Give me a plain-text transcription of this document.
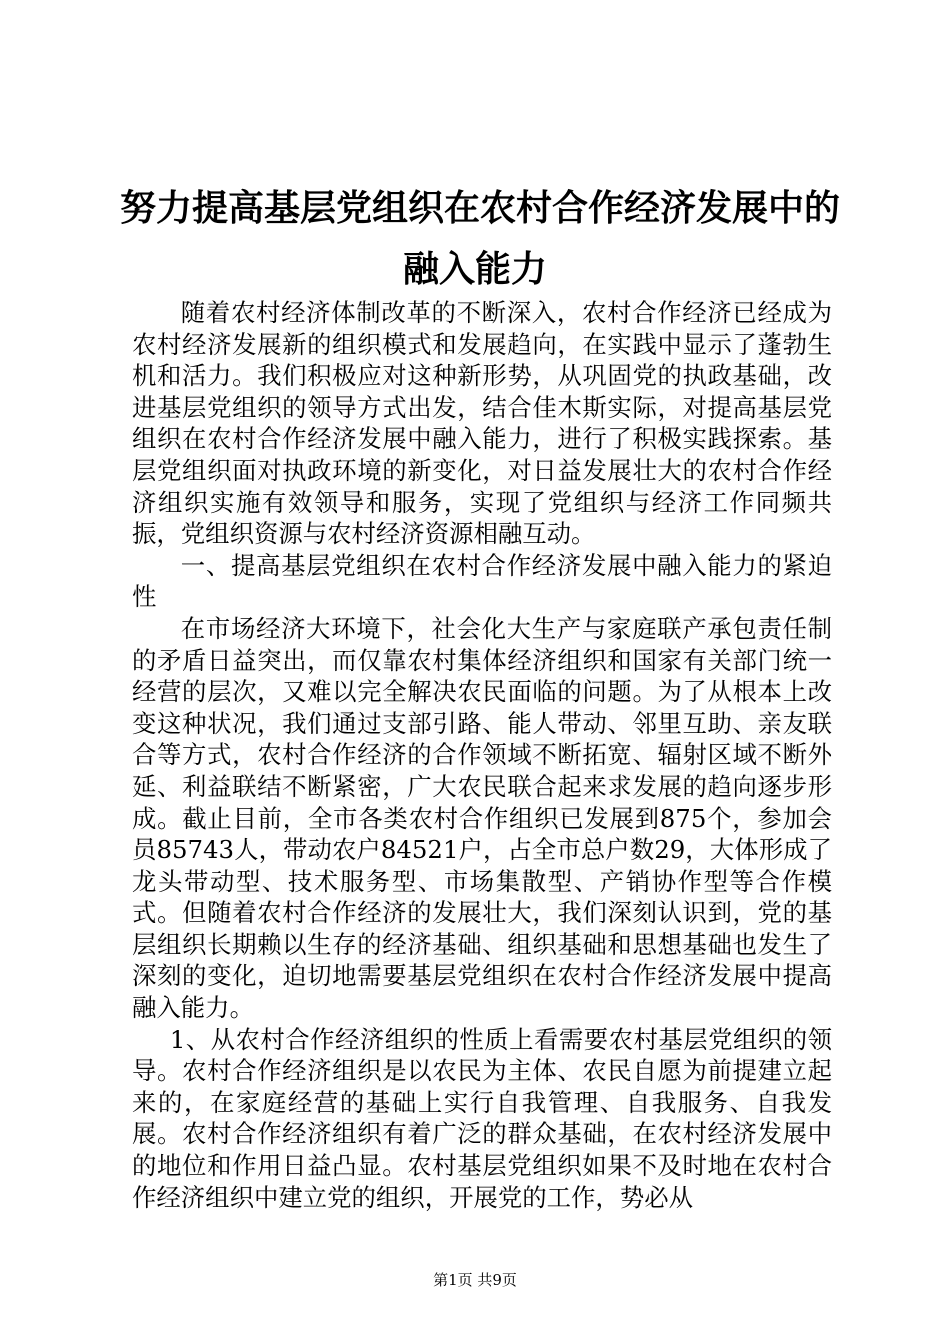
努力提高基层党组织在农村合作经济发展中的
融入能力

随着农村经济体制改革的不断深入，农村合作经济已经成为农村经济发展新的组织模式和发展趋向，在实践中显示了蓬勃生机和活力。我们积极应对这种新形势，从巩固党的执政基础，改进基层党组织的领导方式出发，结合佳木斯实际，对提高基层党组织在农村合作经济发展中融入能力，进行了积极实践探索。基层党组织面对执政环境的新变化，对日益发展壮大的农村合作经济组织实施有效领导和服务，实现了党组织与经济工作同频共振，党组织资源与农村经济资源相融互动。

一、提高基层党组织在农村合作经济发展中融入能力的紧迫性

在市场经济大环境下，社会化大生产与家庭联产承包责任制的矛盾日益突出，而仅靠农村集体经济组织和国家有关部门统一经营的层次，又难以完全解决农民面临的问题。为了从根本上改变这种状况，我们通过支部引路、能人带动、邻里互助、亲友联合等方式，农村合作经济的合作领域不断拓宽、辐射区域不断外延、利益联结不断紧密，广大农民联合起来求发展的趋向逐步形成。截止目前，全市各类农村合作组织已发展到875个，参加会员85743人，带动农户84521户，占全市总户数29，大体形成了龙头带动型、技术服务型、市场集散型、产销协作型等合作模式。但随着农村合作经济的发展壮大，我们深刻认识到，党的基层组织长期赖以生存的经济基础、组织基础和思想基础也发生了深刻的变化，迫切地需要基层党组织在农村合作经济发展中提高融入能力。

1、从农村合作经济组织的性质上看需要农村基层党组织的领导。农村合作经济组织是以农民为主体、农民自愿为前提建立起来的，在家庭经营的基础上实行自我管理、自我服务、自我发展。农村合作经济组织有着广泛的群众基础，在农村经济发展中的地位和作用日益凸显。农村基层党组织如果不及时地在农村合作经济组织中建立党的组织，开展党的工作，势必从

第1页 共9页
